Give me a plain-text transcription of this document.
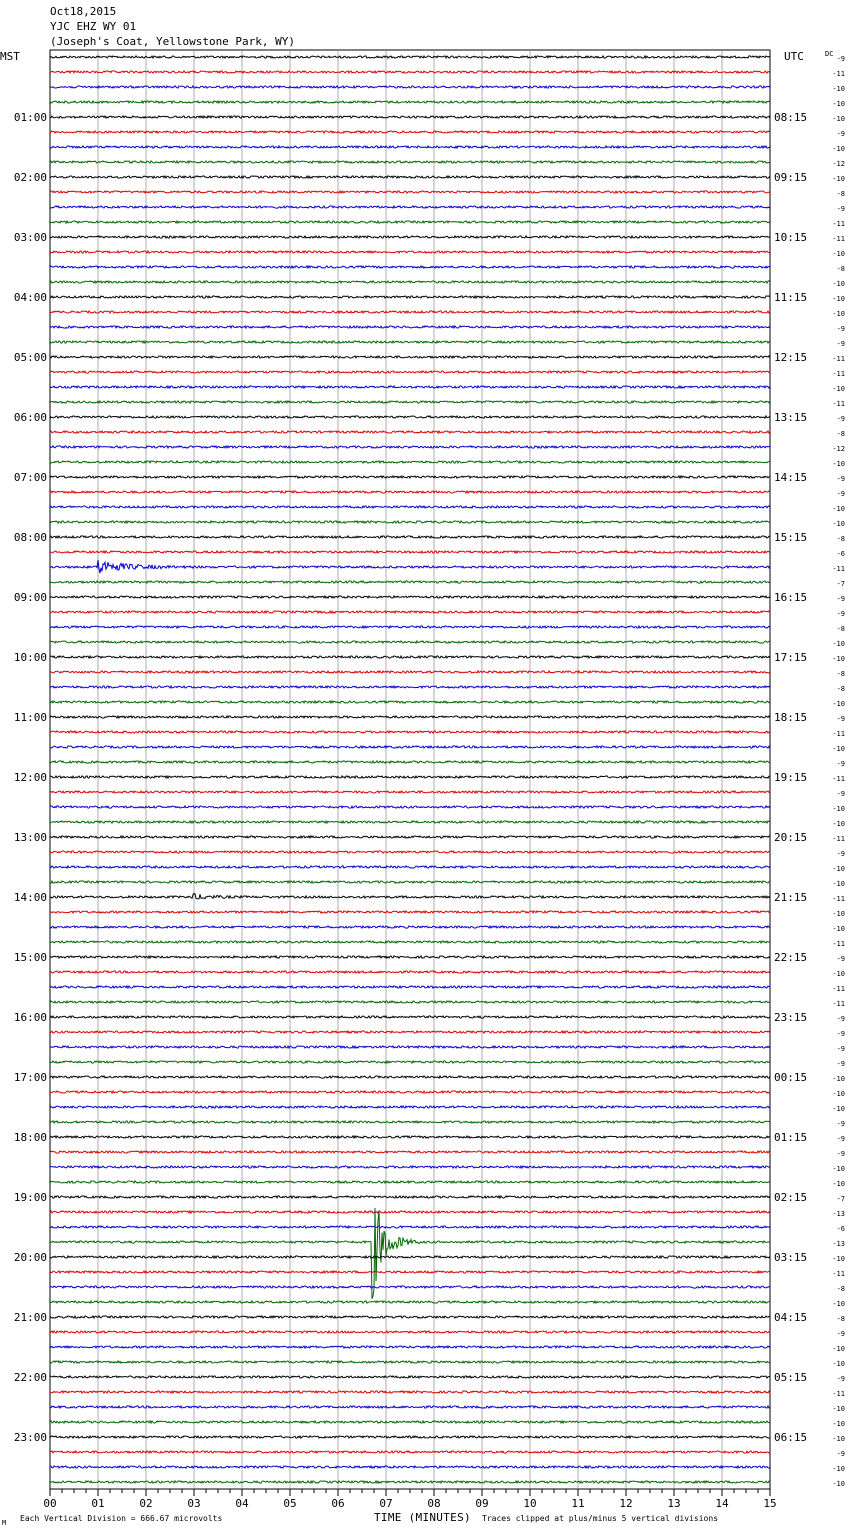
Oct18,2015
YJC EHZ WY 01
(Joseph's Coat, Yellowstone Park, WY)
MST	UTC	DC
00	01	02	03	04	05	06	07	08	09	10	11	12	13	14	15
-9
-11
-10
-10
-10
-9
-10
-12
-10
-8
-9
-11
-11
-10
-8
-10
-10
-10
-9
-9
-11
-11
-10
-11
-9
-8
-12
-10
-9
-9
-10
-10
-8
-6
-11
-7
-9
-9
-8
-10
-10
-8
-8
-10
-9
-11
-10
-9
-11
-9
-10
-10
-11
-9
-10
-10
-11
-10
-10
-11
-9
-10
-11
-11
-9
-9
-9
-9
-10
-10
-10
-9
-9
-9
-10
-10
-7
-13
-6
-13
-10
-11
-8
-10
-8
-9
-10
-10
-9
-11
-10
-10
-10
-9
-10
-10
01:00
02:00
03:00
04:00
05:00
06:00
07:00
08:00
09:00
10:00
11:00
12:00
13:00
14:00
15:00
16:00
17:00
18:00
19:00
20:00
21:00
22:00
23:00
08:15
09:15
10:15
11:15
12:15
13:15
14:15
15:15
16:15
17:15
18:15
19:15
20:15
21:15
22:15
23:15
00:15
01:15
02:15
03:15
04:15
05:15
06:15
M Each Vertical Division = 666.67 microvolts	TIME (MINUTES) Traces clipped at plus/minus 5 vertical divisions
